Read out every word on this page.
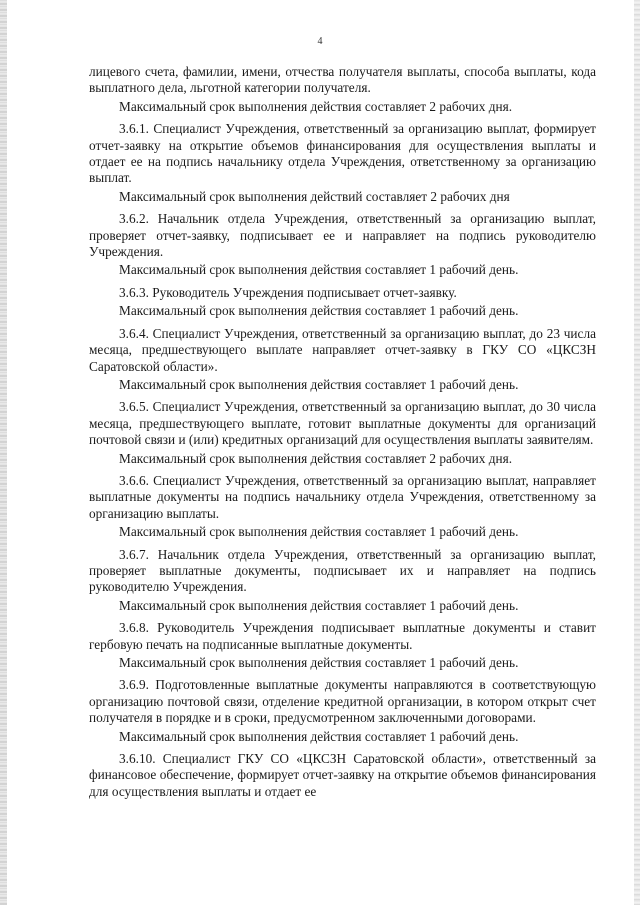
4

лицевого счета, фамилии, имени, отчества получателя выплаты, способа выплаты, кода выплатного дела, льготной категории получателя.

Максимальный срок выполнения действия составляет 2 рабочих дня.

3.6.1. Специалист Учреждения, ответственный за организацию выплат, формирует отчет-заявку на открытие объемов финансирования для осуществления выплаты и отдает ее на подпись начальнику отдела Учреждения, ответственному за организацию выплат.

Максимальный срок выполнения действий составляет 2 рабочих дня

3.6.2. Начальник отдела Учреждения, ответственный за организацию выплат, проверяет отчет-заявку, подписывает ее и направляет на подпись руководителю Учреждения.

Максимальный срок выполнения действия составляет 1 рабочий день.

3.6.3. Руководитель Учреждения подписывает отчет-заявку.

Максимальный срок выполнения действия составляет 1 рабочий день.

3.6.4. Специалист Учреждения, ответственный за организацию выплат, до 23 числа месяца, предшествующего выплате направляет отчет-заявку в ГКУ СО «ЦКСЗН Саратовской области».

Максимальный срок выполнения действия составляет 1 рабочий день.

3.6.5. Специалист Учреждения, ответственный за организацию выплат, до 30 числа месяца, предшествующего выплате, готовит выплатные документы для организаций почтовой связи и (или) кредитных организаций для осуществления выплаты заявителям.

Максимальный срок выполнения действия составляет 2 рабочих дня.

3.6.6. Специалист Учреждения, ответственный за организацию выплат, направляет выплатные документы на подпись начальнику отдела Учреждения, ответственному за организацию выплаты.

Максимальный срок выполнения действия составляет 1 рабочий день.

3.6.7. Начальник отдела Учреждения, ответственный за организацию выплат, проверяет выплатные документы, подписывает их и направляет на подпись руководителю Учреждения.

Максимальный срок выполнения действия составляет 1 рабочий день.

3.6.8. Руководитель Учреждения подписывает выплатные документы и ставит гербовую печать на подписанные выплатные документы.

Максимальный срок выполнения действия составляет 1 рабочий день.

3.6.9. Подготовленные выплатные документы направляются в соответствующую организацию почтовой связи, отделение кредитной организации, в котором открыт счет получателя в порядке и в сроки, предусмотренном заключенными договорами.

Максимальный срок выполнения действия составляет 1 рабочий день.

3.6.10. Специалист ГКУ СО «ЦКСЗН Саратовской области», ответственный за финансовое обеспечение, формирует отчет-заявку на открытие объемов финансирования для осуществления выплаты и отдает ее
